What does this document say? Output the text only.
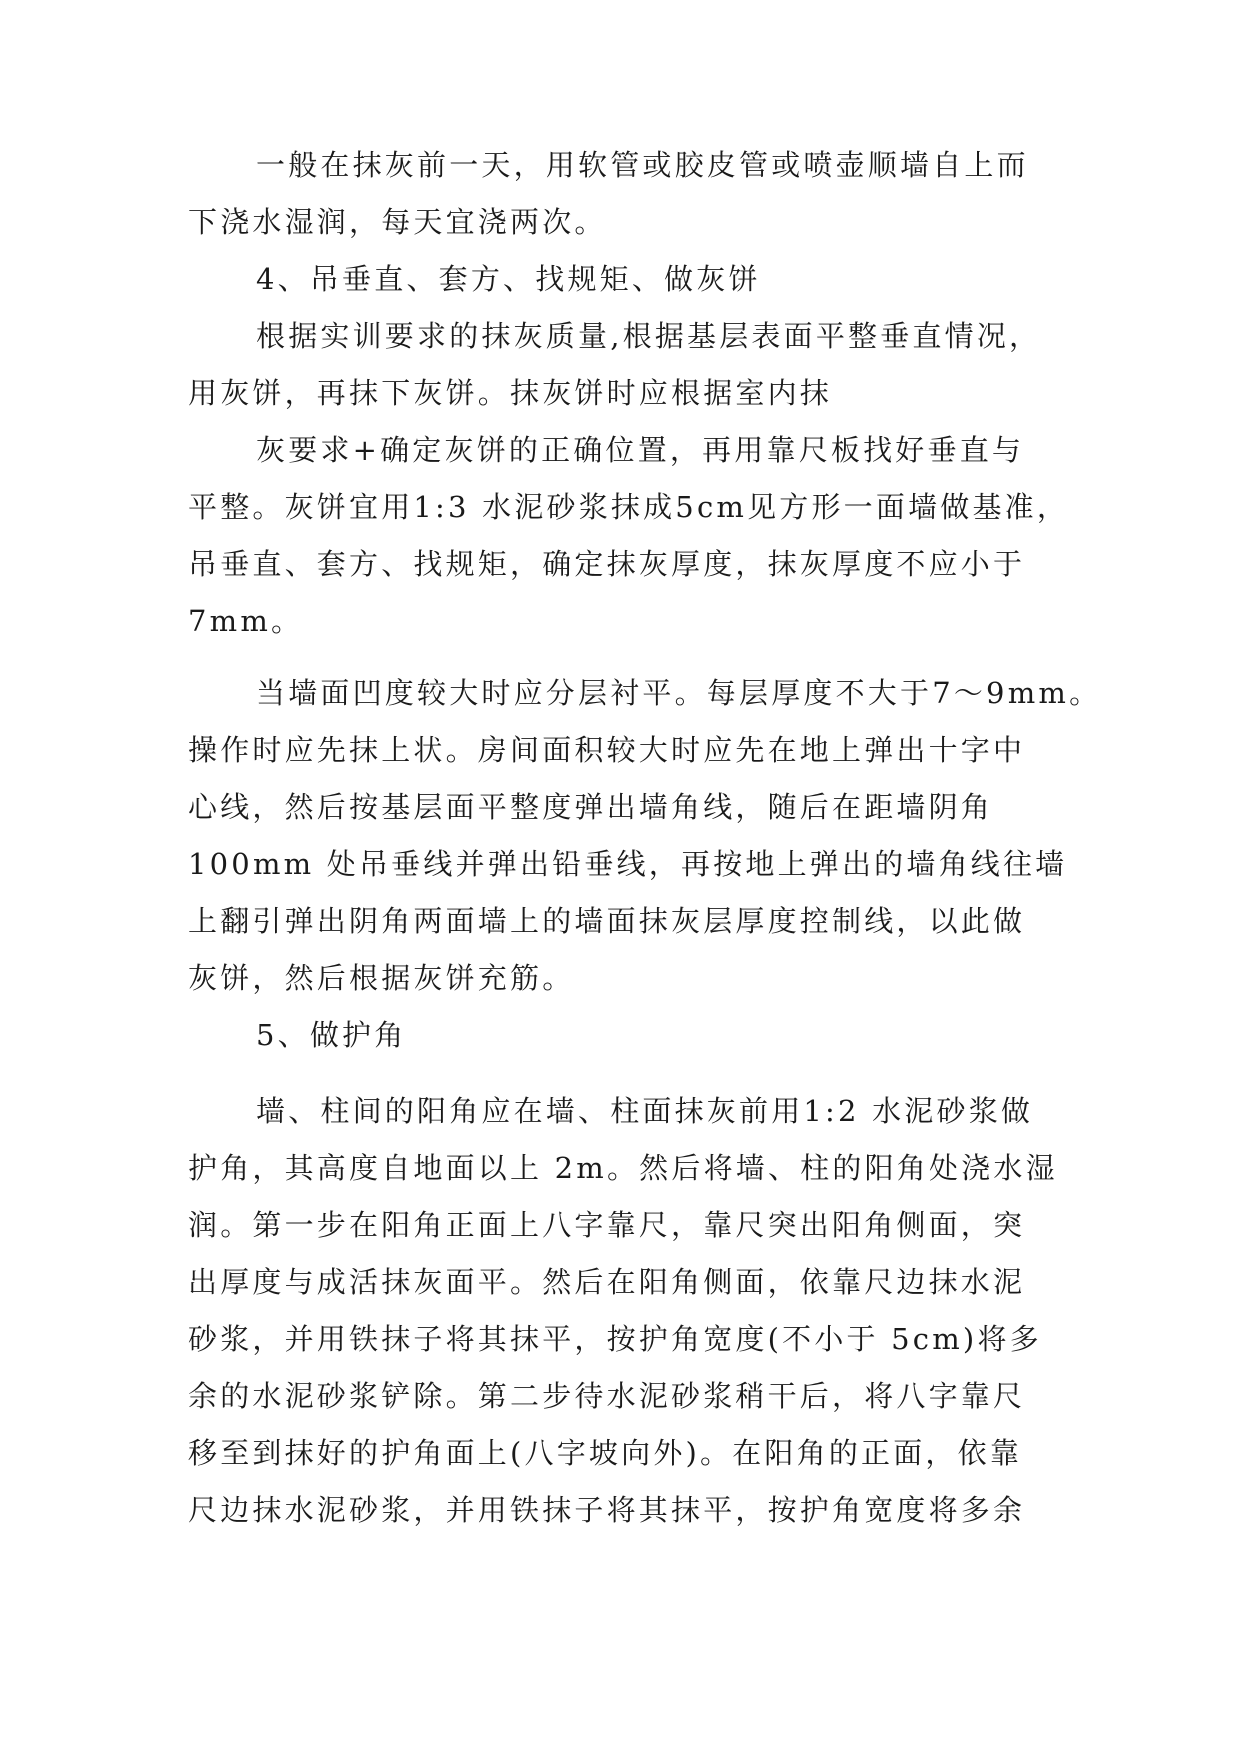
一般在抹灰前一天，用软管或胶皮管或喷壶顺墙自上而

下浇水湿润，每天宜浇两次。

4、吊垂直、套方、找规矩、做灰饼

根据实训要求的抹灰质量,根据基层表面平整垂直情况，

用灰饼，再抹下灰饼。抹灰饼时应根据室内抹

灰要求+确定灰饼的正确位置，再用靠尺板找好垂直与

平整。灰饼宜用1:3 水泥砂浆抹成5cm见方形一面墙做基准，

吊垂直、套方、找规矩，确定抹灰厚度，抹灰厚度不应小于

7mm。

当墙面凹度较大时应分层衬平。每层厚度不大于7～9mm。

操作时应先抹上状。房间面积较大时应先在地上弹出十字中

心线，然后按基层面平整度弹出墙角线，随后在距墙阴角

100mm 处吊垂线并弹出铅垂线，再按地上弹出的墙角线往墙

上翻引弹出阴角两面墙上的墙面抹灰层厚度控制线，以此做

灰饼，然后根据灰饼充筋。

5、做护角

墙、柱间的阳角应在墙、柱面抹灰前用1:2 水泥砂浆做

护角，其高度自地面以上 2m。然后将墙、柱的阳角处浇水湿

润。第一步在阳角正面上八字靠尺，靠尺突出阳角侧面，突

出厚度与成活抹灰面平。然后在阳角侧面，依靠尺边抹水泥

砂浆，并用铁抹子将其抹平，按护角宽度(不小于 5cm)将多

余的水泥砂浆铲除。第二步待水泥砂浆稍干后，将八字靠尺

移至到抹好的护角面上(八字坡向外)。在阳角的正面，依靠

尺边抹水泥砂浆，并用铁抹子将其抹平，按护角宽度将多余
